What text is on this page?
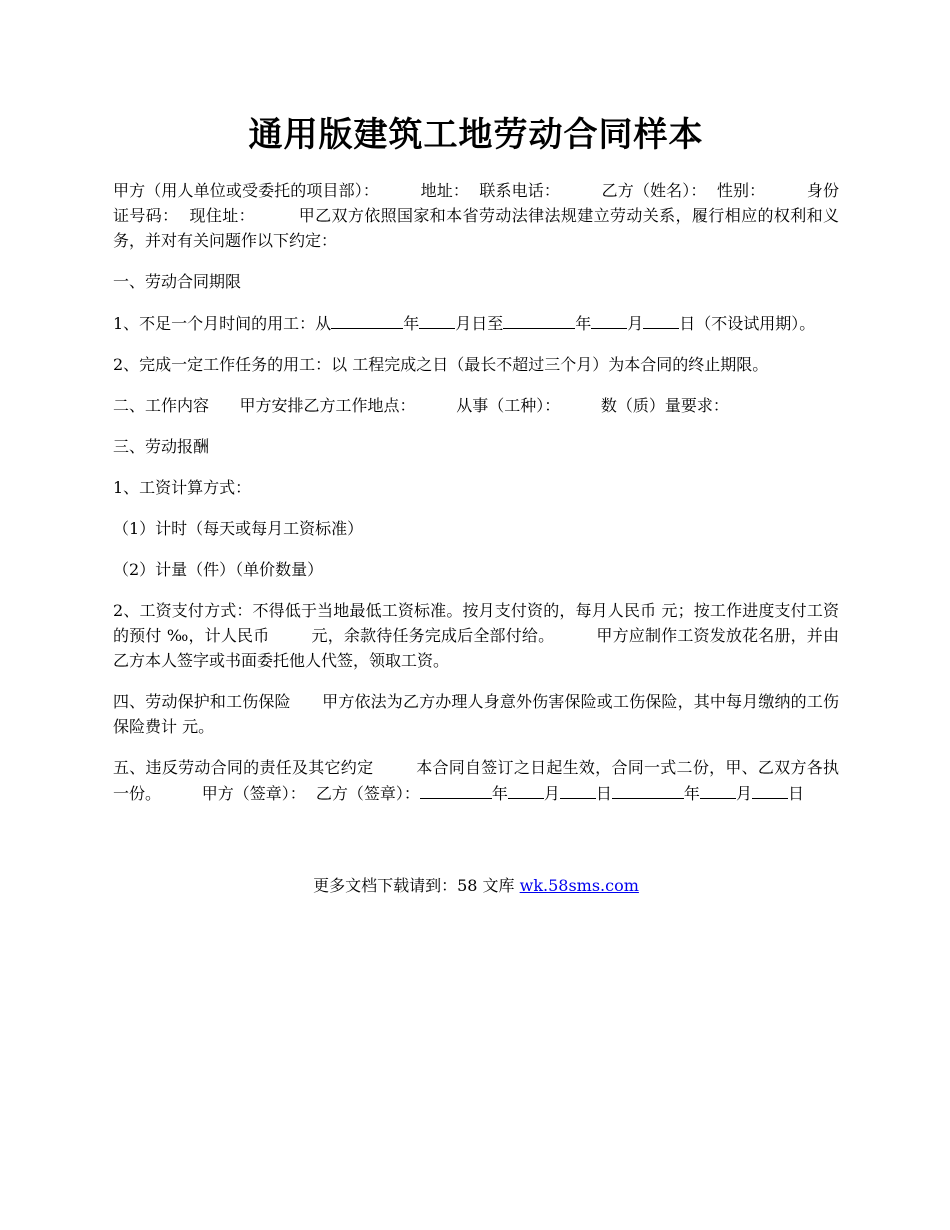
通用版建筑工地劳动合同样本

甲方（用人单位或受委托的项目部）：        地址：  联系电话：        乙方（姓名）：  性别：        身份证号码：  现住址：        甲乙双方依照国家和本省劳动法律法规建立劳动关系，履行相应的权利和义务，并对有关问题作以下约定：

一、劳动合同期限

1、不足一个月时间的用工：从	年 月日至	年 月 日（不设试用期）。

2、完成一定工作任务的用工：以 工程完成之日（最长不超过三个月）为本合同的终止期限。

二、工作内容      甲方安排乙方工作地点：        从事（工种）：        数（质）量要求：

三、劳动报酬

1、工资计算方式：

（1）计时（每天或每月工资标准）

（2）计量（件）（单价数量）

2、工资支付方式：不得低于当地最低工资标准。按月支付资的，每月人民币 元；按工作进度支付工资的预付 ‰，计人民币        元，余款待任务完成后全部付给。        甲方应制作工资发放花名册，并由乙方本人签字或书面委托他人代签，领取工资。

四、劳动保护和工伤保险      甲方依法为乙方办理人身意外伤害保险或工伤保险，其中每月缴纳的工伤保险费计 元。

五、违反劳动合同的责任及其它约定        本合同自签订之日起生效，合同一式二份，甲、乙双方各执一份。        甲方（签章）：  乙方（签章）：	年 月 日	年 月 日

更多文档下载请到：58 文库 wk.58sms.com
